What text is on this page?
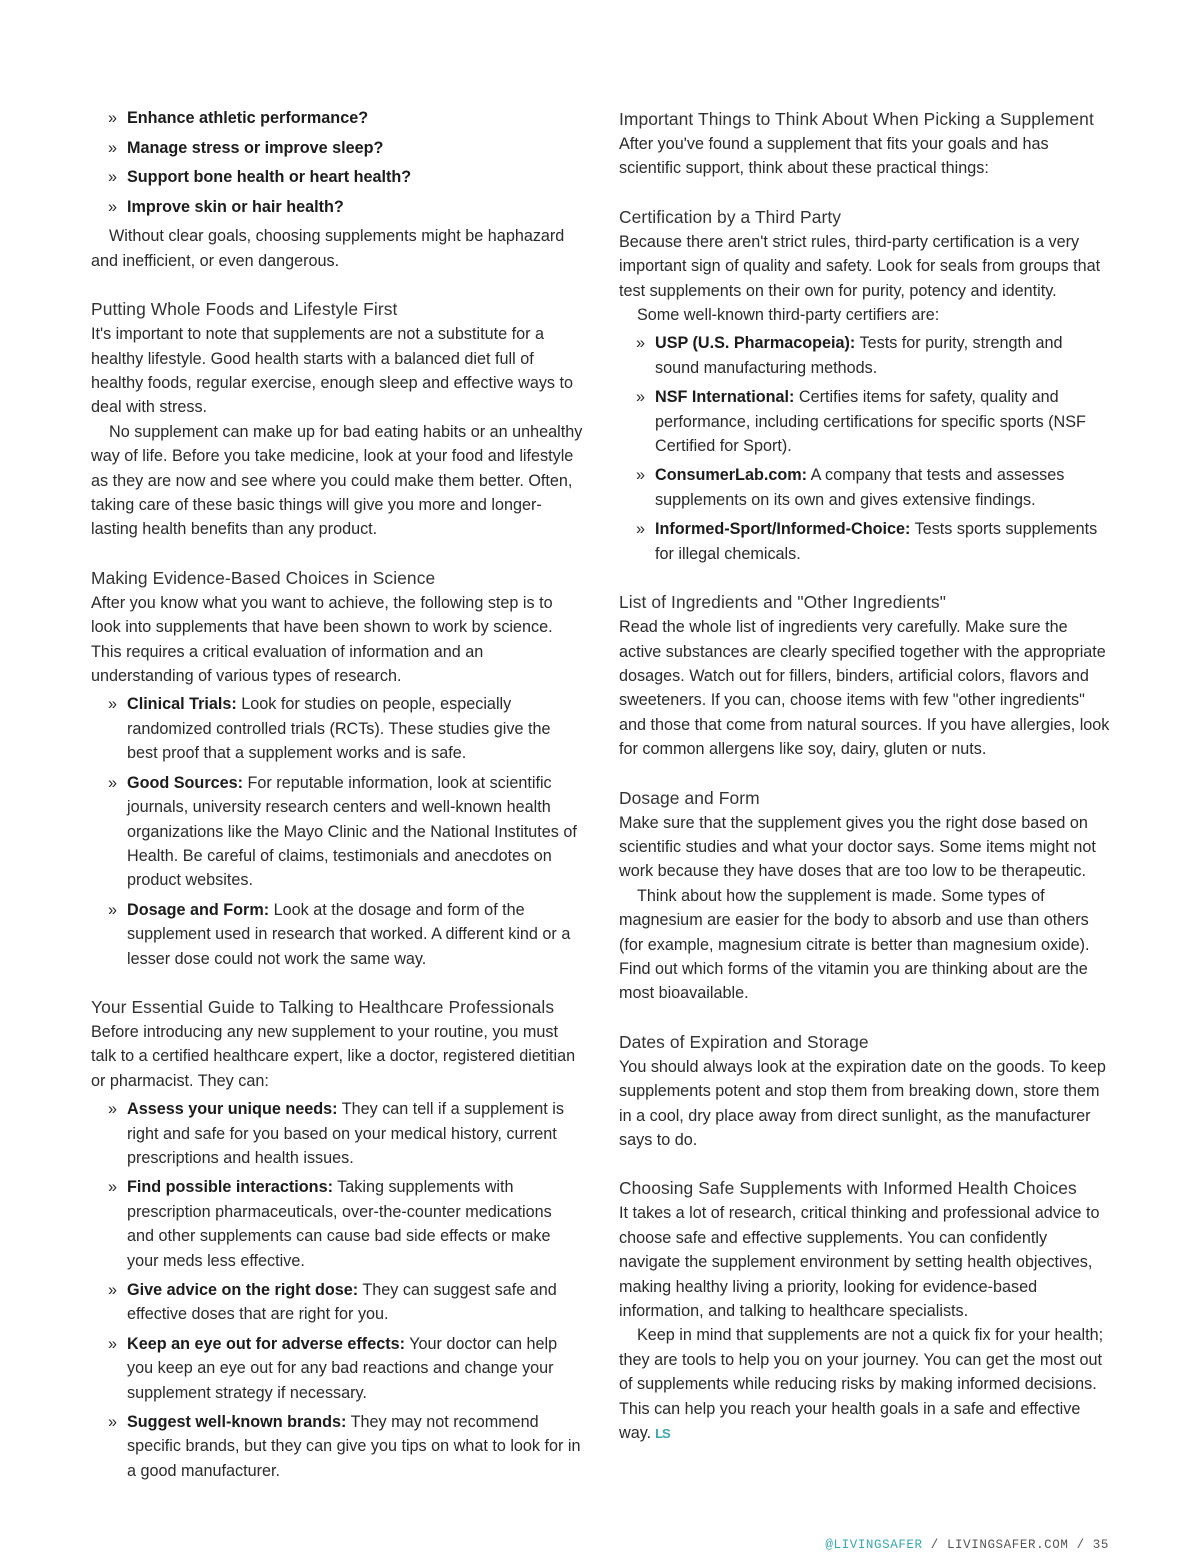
» Enhance athletic performance?
» Manage stress or improve sleep?
» Support bone health or heart health?
» Improve skin or hair health?

Without clear goals, choosing supplements might be haphazard and inefficient, or even dangerous.

Putting Whole Foods and Lifestyle First

It's important to note that supplements are not a substitute for a healthy lifestyle. Good health starts with a balanced diet full of healthy foods, regular exercise, enough sleep and effective ways to deal with stress.

No supplement can make up for bad eating habits or an unhealthy way of life. Before you take medicine, look at your food and lifestyle as they are now and see where you could make them better. Often, taking care of these basic things will give you more and longer-lasting health benefits than any product.

Making Evidence-Based Choices in Science

After you know what you want to achieve, the following step is to look into supplements that have been shown to work by science. This requires a critical evaluation of information and an understanding of various types of research.

» Clinical Trials: Look for studies on people, especially randomized controlled trials (RCTs). These studies give the best proof that a supplement works and is safe.
» Good Sources: For reputable information, look at scientific journals, university research centers and well-known health organizations like the Mayo Clinic and the National Institutes of Health. Be careful of claims, testimonials and anecdotes on product websites.
» Dosage and Form: Look at the dosage and form of the supplement used in research that worked. A different kind or a lesser dose could not work the same way.
Your Essential Guide to Talking to Healthcare Professionals

Before introducing any new supplement to your routine, you must talk to a certified healthcare expert, like a doctor, registered dietitian or pharmacist. They can:

» Assess your unique needs: They can tell if a supplement is right and safe for you based on your medical history, current prescriptions and health issues.
» Find possible interactions: Taking supplements with prescription pharmaceuticals, over-the-counter medications and other supplements can cause bad side effects or make your meds less effective.
» Give advice on the right dose: They can suggest safe and effective doses that are right for you.
» Keep an eye out for adverse effects: Your doctor can help you keep an eye out for any bad reactions and change your supplement strategy if necessary.
» Suggest well-known brands: They may not recommend specific brands, but they can give you tips on what to look for in a good manufacturer.
Important Things to Think About When Picking a Supplement

After you've found a supplement that fits your goals and has scientific support, think about these practical things:

Certification by a Third Party

Because there aren't strict rules, third-party certification is a very important sign of quality and safety. Look for seals from groups that test supplements on their own for purity, potency and identity.

Some well-known third-party certifiers are:

» USP (U.S. Pharmacopeia): Tests for purity, strength and sound manufacturing methods.
» NSF International: Certifies items for safety, quality and performance, including certifications for specific sports (NSF Certified for Sport).
» ConsumerLab.com: A company that tests and assesses supplements on its own and gives extensive findings.
» Informed-Sport/Informed-Choice: Tests sports supplements for illegal chemicals.
List of Ingredients and "Other Ingredients"

Read the whole list of ingredients very carefully. Make sure the active substances are clearly specified together with the appropriate dosages. Watch out for fillers, binders, artificial colors, flavors and sweeteners. If you can, choose items with few "other ingredients" and those that come from natural sources. If you have allergies, look for common allergens like soy, dairy, gluten or nuts.

Dosage and Form

Make sure that the supplement gives you the right dose based on scientific studies and what your doctor says. Some items might not work because they have doses that are too low to be therapeutic.

Think about how the supplement is made. Some types of magnesium are easier for the body to absorb and use than others (for example, magnesium citrate is better than magnesium oxide). Find out which forms of the vitamin you are thinking about are the most bioavailable.

Dates of Expiration and Storage

You should always look at the expiration date on the goods. To keep supplements potent and stop them from breaking down, store them in a cool, dry place away from direct sunlight, as the manufacturer says to do.

Choosing Safe Supplements with Informed Health Choices

It takes a lot of research, critical thinking and professional advice to choose safe and effective supplements. You can confidently navigate the supplement environment by setting health objectives, making healthy living a priority, looking for evidence-based information, and talking to healthcare specialists.

Keep in mind that supplements are not a quick fix for your health; they are tools to help you on your journey. You can get the most out of supplements while reducing risks by making informed decisions. This can help you reach your health goals in a safe and effective way. LS

@LIVINGSAFER / LIVINGSAFER.COM / 35
